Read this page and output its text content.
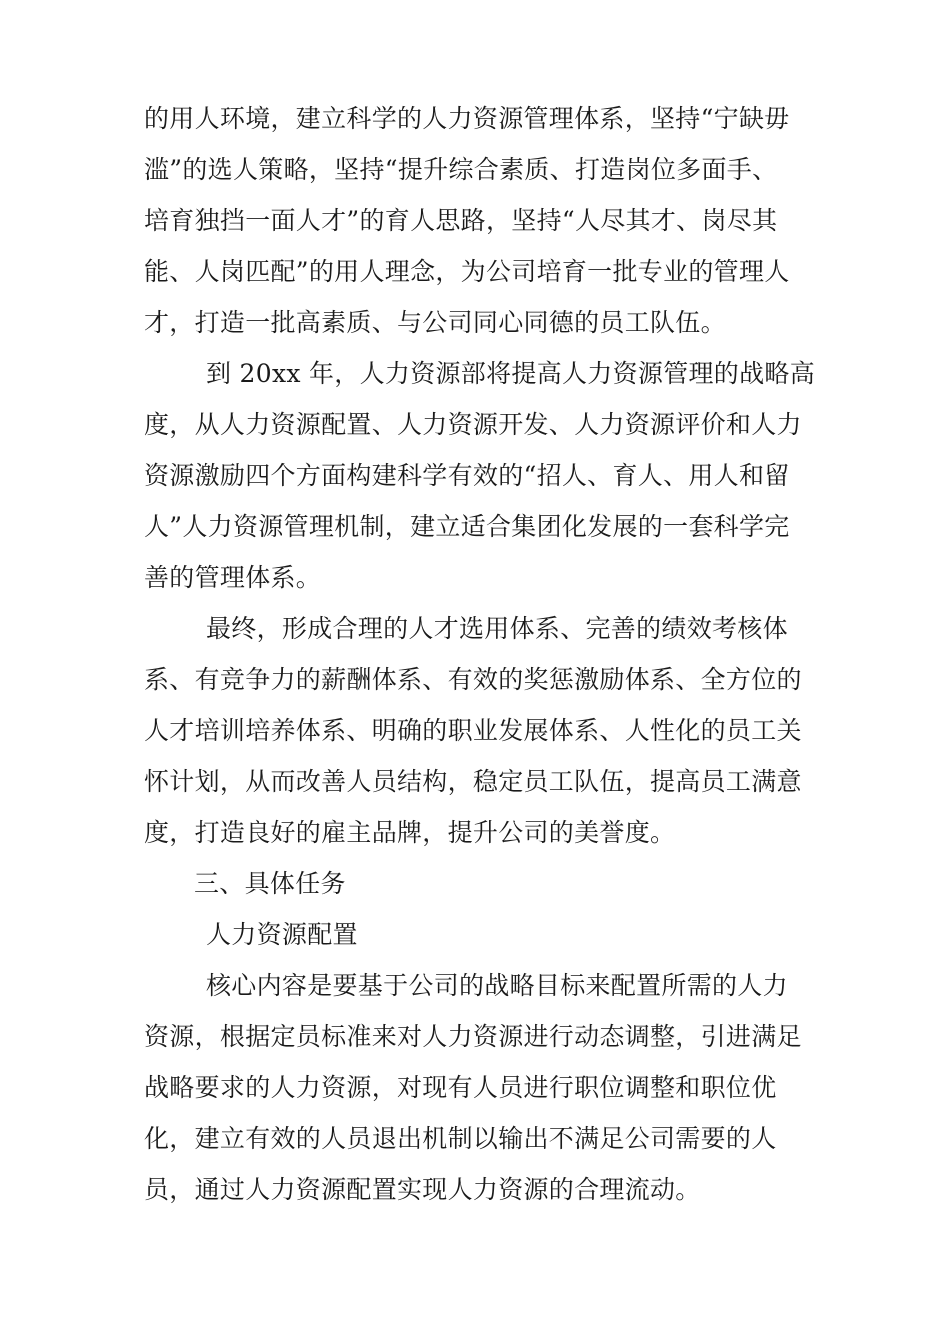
的用人环境，建立科学的人力资源管理体系，坚持“宁缺毋
滥”的选人策略，坚持“提升综合素质、打造岗位多面手、
培育独挡一面人才”的育人思路，坚持“人尽其才、岗尽其
能、人岗匹配”的用人理念，为公司培育一批专业的管理人
才，打造一批高素质、与公司同心同德的员工队伍。
到 20xx 年，人力资源部将提高人力资源管理的战略高
度，从人力资源配置、人力资源开发、人力资源评价和人力
资源激励四个方面构建科学有效的“招人、育人、用人和留
人”人力资源管理机制，建立适合集团化发展的一套科学完
善的管理体系。
最终，形成合理的人才选用体系、完善的绩效考核体
系、有竞争力的薪酬体系、有效的奖惩激励体系、全方位的
人才培训培养体系、明确的职业发展体系、人性化的员工关
怀计划，从而改善人员结构，稳定员工队伍，提高员工满意
度，打造良好的雇主品牌，提升公司的美誉度。
三、具体任务
人力资源配置
核心内容是要基于公司的战略目标来配置所需的人力
资源，根据定员标准来对人力资源进行动态调整，引进满足
战略要求的人力资源，对现有人员进行职位调整和职位优
化，建立有效的人员退出机制以输出不满足公司需要的人
员，通过人力资源配置实现人力资源的合理流动。
